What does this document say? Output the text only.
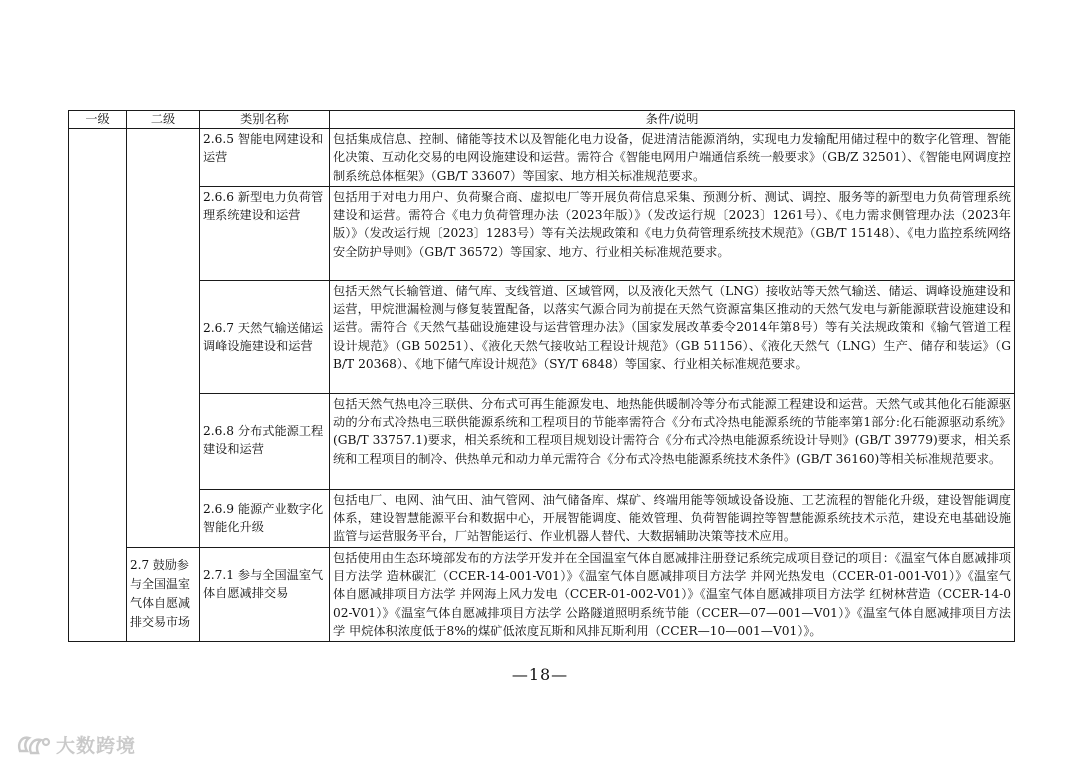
一级	二级	类别名称	条件/说明
		2.6.5 智能电网建设和运营	包括集成信息、控制、储能等技术以及智能化电力设备，促进清洁能源消纳，实现电力发输配用储过程中的数字化管理、智能化决策、互动化交易的电网设施建设和运营。需符合《智能电网用户端通信系统一般要求》（GB/Z 32501）、《智能电网调度控制系统总体框架》（GB/T 33607）等国家、地方相关标准规范要求。
		2.6.6 新型电力负荷管理系统建设和运营	包括用于对电力用户、负荷聚合商、虚拟电厂等开展负荷信息采集、预测分析、测试、调控、服务等的新型电力负荷管理系统建设和运营。需符合《电力负荷管理办法（2023年版）》（发改运行规〔2023〕1261号）、《电力需求侧管理办法（2023年版）》（发改运行规〔2023〕1283号）等有关法规政策和《电力负荷管理系统技术规范》（GB/T 15148）、《电力监控系统网络安全防护导则》（GB/T 36572）等国家、地方、行业相关标准规范要求。
		2.6.7 天然气输送储运调峰设施建设和运营	包括天然气长输管道、储气库、支线管道、区域管网，以及液化天然气（LNG）接收站等天然气输送、储运、调峰设施建设和运营，甲烷泄漏检测与修复装置配备，以落实气源合同为前提在天然气资源富集区推动的天然气发电与新能源联营设施建设和运营。需符合《天然气基础设施建设与运营管理办法》（国家发展改革委令2014年第8号）等有关法规政策和《输气管道工程设计规范》（GB 50251）、《液化天然气接收站工程设计规范》（GB 51156）、《液化天然气（LNG）生产、储存和装运》（GB/T 20368）、《地下储气库设计规范》（SY/T 6848）等国家、行业相关标准规范要求。
		2.6.8 分布式能源工程建设和运营	包括天然气热电冷三联供、分布式可再生能源发电、地热能供暖制冷等分布式能源工程建设和运营。天然气或其他化石能源驱动的分布式冷热电三联供能源系统和工程项目的节能率需符合《分布式冷热电能源系统的节能率第1部分:化石能源驱动系统》(GB/T 33757.1)要求，相关系统和工程项目规划设计需符合《分布式冷热电能源系统设计导则》(GB/T 39779)要求，相关系统和工程项目的制冷、供热单元和动力单元需符合《分布式冷热电能源系统技术条件》(GB/T 36160)等相关标准规范要求。
		2.6.9 能源产业数字化智能化升级	包括电厂、电网、油气田、油气管网、油气储备库、煤矿、终端用能等领域设备设施、工艺流程的智能化升级，建设智能调度体系，建设智慧能源平台和数据中心，开展智能调度、能效管理、负荷智能调控等智慧能源系统技术示范，建设充电基础设施监管与运营服务平台，厂站智能运行、作业机器人替代、大数据辅助决策等技术应用。
	2.7 鼓励参与全国温室气体自愿减排交易市场	2.7.1 参与全国温室气体自愿减排交易	包括使用由生态环境部发布的方法学开发并在全国温室气体自愿减排注册登记系统完成项目登记的项目：《温室气体自愿减排项目方法学 造林碳汇（CCER-14-001-V01）》《温室气体自愿减排项目方法学 并网光热发电（CCER-01-001-V01）》《温室气体自愿减排项目方法学 并网海上风力发电（CCER-01-002-V01）》《温室气体自愿减排项目方法学 红树林营造（CCER-14-002-V01）》《温室气体自愿减排项目方法学 公路隧道照明系统节能（CCER—07—001—V01）》《温室气体自愿减排项目方法学 甲烷体积浓度低于8%的煤矿低浓度瓦斯和风排瓦斯利用（CCER—10—001—V01）》。
—18—
大数跨境
